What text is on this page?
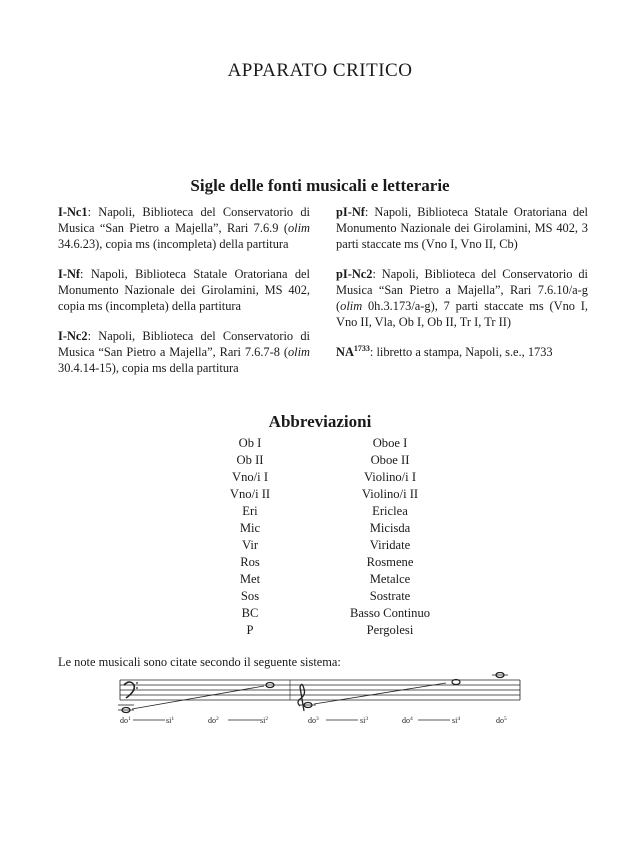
APPARATO CRITICO
Sigle delle fonti musicali e letterarie
I-Nc1: Napoli, Biblioteca del Conservatorio di Musica “San Pietro a Majella”, Rari 7.6.9 (olim 34.6.23), copia ms (incompleta) della partitura
I-Nf: Napoli, Biblioteca Statale Oratoriana del Monumento Nazionale dei Girolamini, MS 402, copia ms (incompleta) della partitura
I-Nc2: Napoli, Biblioteca del Conservatorio di Musica “San Pietro a Majella”, Rari 7.6.7-8 (olim 30.4.14-15), copia ms della partitura
pI-Nf: Napoli, Biblioteca Statale Oratoriana del Monumento Nazionale dei Girolamini, MS 402, 3 parti staccate ms (Vno I, Vno II, Cb)
pI-Nc2: Napoli, Biblioteca del Conservatorio di Musica “San Pietro a Majella”, Rari 7.6.10/a-g (olim 0h.3.173/a-g), 7 parti staccate ms (Vno I, Vno II, Vla, Ob I, Ob II, Tr I, Tr II)
$NA^{1733}$: libretto a stampa, Napoli, s.e., 1733
Abbreviazioni
Ob I	Oboe I
Ob II	Oboe II
Vno/i I	Violino/i I
Vno/i II	Violino/i II
Eri	Ericlea
Mic	Micisda
Vir	Viridate
Ros	Rosmene
Met	Metalce
Sos	Sostrate
BC	Basso Continuo
P	Pergolesi
Le note musicali sono citate secondo il seguente sistema:
$do^1$	$si^1$	$do^2$	$si^2$	$do^3$	$si^3$	$do^4$	$si^4$	$do^5$
